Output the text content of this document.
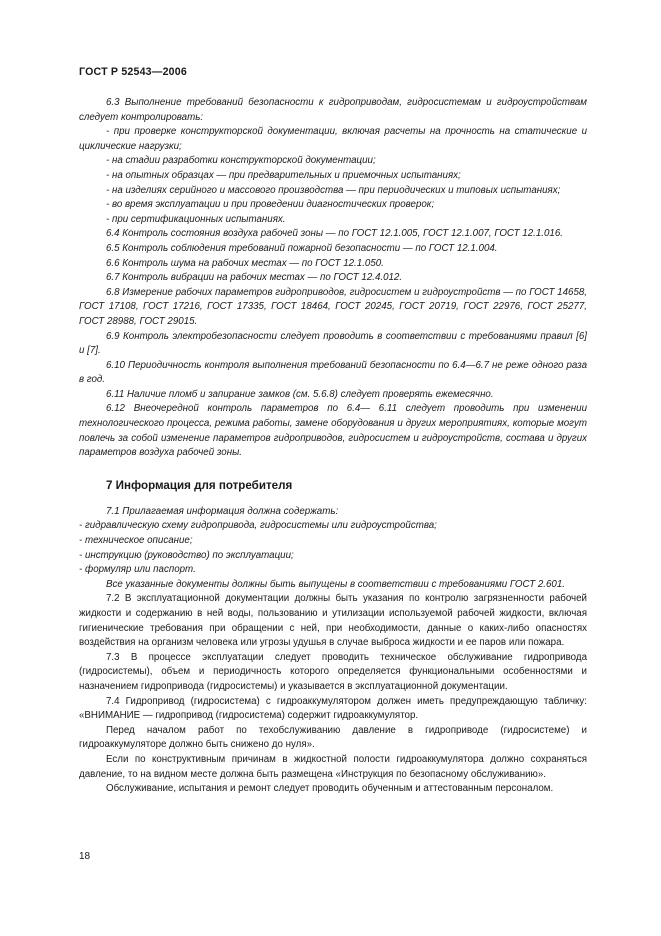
ГОСТ Р 52543—2006

6.3 Выполнение требований безопасности к гидроприводам, гидросистемам и гидроустройствам следует контролировать:

- при проверке конструкторской документации, включая расчеты на прочность на статические и циклические нагрузки;

- на стадии разработки конструкторской документации;

- на опытных образцах — при предварительных и приемочных испытаниях;

- на изделиях серийного и массового производства — при периодических и типовых испытаниях;

- во время эксплуатации и при проведении диагностических проверок;

- при сертификационных испытаниях.

6.4 Контроль состояния воздуха рабочей зоны — по ГОСТ 12.1.005, ГОСТ 12.1.007, ГОСТ 12.1.016.

6.5 Контроль соблюдения требований пожарной безопасности — по ГОСТ 12.1.004.

6.6 Контроль шума на рабочих местах — по ГОСТ 12.1.050.

6.7 Контроль вибрации на рабочих местах — по ГОСТ 12.4.012.

6.8 Измерение рабочих параметров гидроприводов, гидросистем и гидроустройств — по ГОСТ 14658, ГОСТ 17108, ГОСТ 17216, ГОСТ 17335, ГОСТ 18464, ГОСТ 20245, ГОСТ 20719, ГОСТ 22976, ГОСТ 25277, ГОСТ 28988, ГОСТ 29015.

6.9 Контроль электробезопасности следует проводить в соответствии с требованиями правил [6] и [7].

6.10 Периодичность контроля выполнения требований безопасности по 6.4—6.7 не реже одного раза в год.

6.11 Наличие пломб и запирание замков (см. 5.6.8) следует проверять ежемесячно.

6.12 Внеочередной контроль параметров по 6.4— 6.11 следует проводить при изменении технологического процесса, режима работы, замене оборудования и других мероприятиях, которые могут повлечь за собой изменение параметров гидроприводов, гидросистем и гидроустройств, состава и других параметров воздуха рабочей зоны.

7 Информация для потребителя

7.1 Прилагаемая информация должна содержать:

- гидравлическую схему гидропривода, гидросистемы или гидроустройства;

- техническое описание;

- инструкцию (руководство) по эксплуатации;

- формуляр или паспорт.

Все указанные документы должны быть выпущены в соответствии с требованиями ГОСТ 2.601.

7.2 В эксплуатационной документации должны быть указания по контролю загрязненности рабочей жидкости и содержанию в ней воды, пользованию и утилизации используемой рабочей жидкости, включая гигиенические требования при обращении с ней, при необходимости, данные о каких-либо опасностях воздействия на организм человека или угрозы удушья в случае выброса жидкости и ее паров или пожара.

7.3 В процессе эксплуатации следует проводить техническое обслуживание гидропривода (гидросистемы), объем и периодичность которого определяется функциональными особенностями и назначением гидропривода (гидросистемы) и указывается в эксплуатационной документации.

7.4 Гидропривод (гидросистема) с гидроаккумулятором должен иметь предупреждающую табличку: «ВНИМАНИЕ — гидропривод (гидросистема) содержит гидроаккумулятор.

Перед началом работ по техобслуживанию давление в гидроприводе (гидросистеме) и гидроаккумуляторе должно быть снижено до нуля».

Если по конструктивным причинам в жидкостной полости гидроаккумулятора должно сохраняться давление, то на видном месте должна быть размещена «Инструкция по безопасному обслуживанию».

Обслуживание, испытания и ремонт следует проводить обученным и аттестованным персоналом.

18
